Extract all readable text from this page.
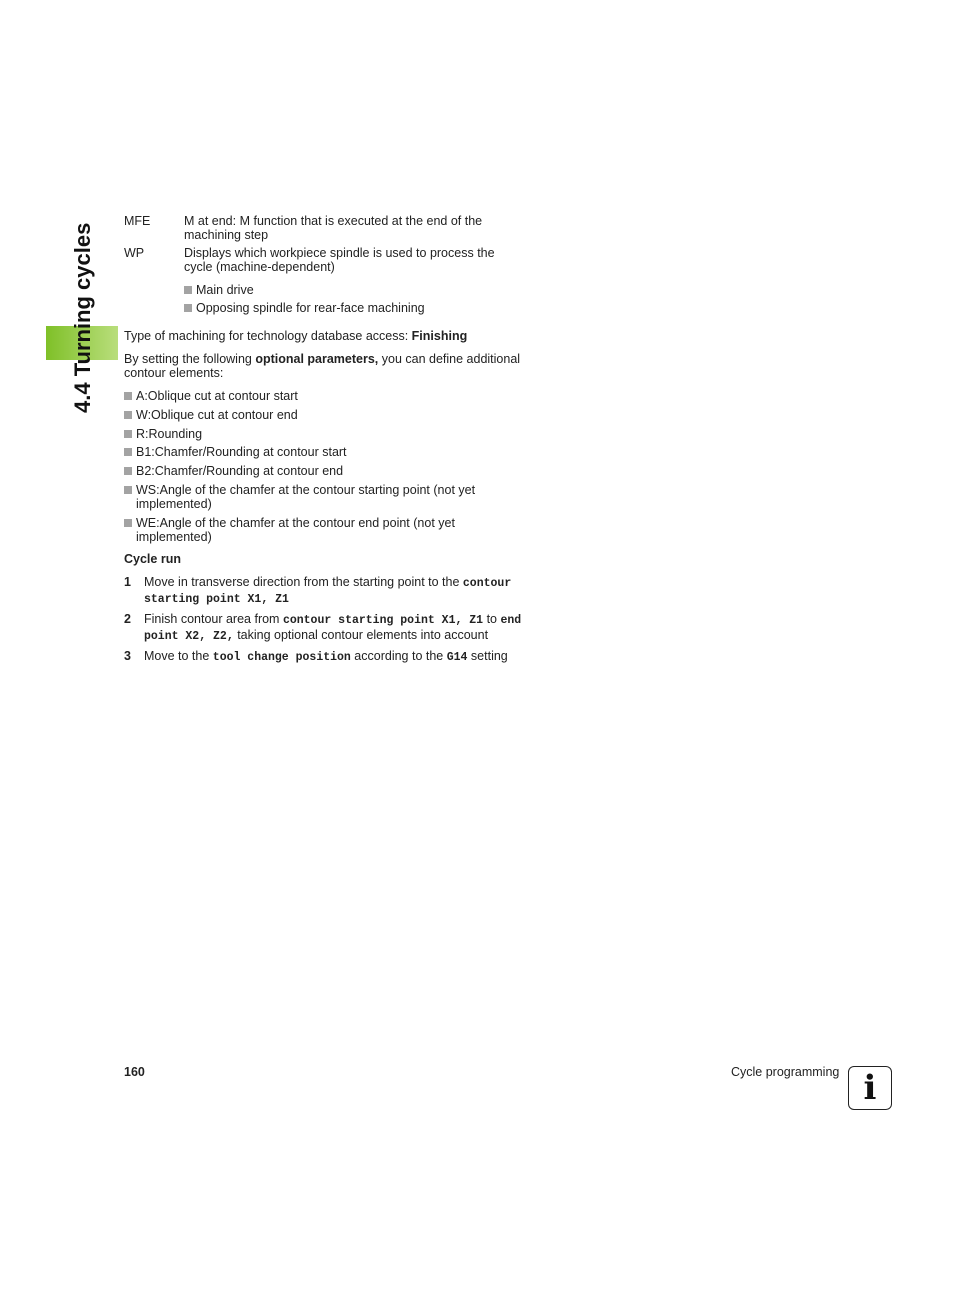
4.4 Turning cycles
MFE	M at end: M function that is executed at the end of the machining step
WP	Displays which workpiece spindle is used to process the cycle (machine-dependent)
Main drive
Opposing spindle for rear-face machining
Type of machining for technology database access: Finishing
By setting the following optional parameters, you can define additional contour elements:
A:Oblique cut at contour start
W:Oblique cut at contour end
R:Rounding
B1:Chamfer/Rounding at contour start
B2:Chamfer/Rounding at contour end
WS:Angle of the chamfer at the contour starting point (not yet implemented)
WE:Angle of the chamfer at the contour end point (not yet implemented)
Cycle run
1	Move in transverse direction from the starting point to the contour starting point X1, Z1
2	Finish contour area from contour starting point X1, Z1 to end point X2, Z2, taking optional contour elements into account
3	Move to the tool change position according to the G14 setting
160	Cycle programming i
